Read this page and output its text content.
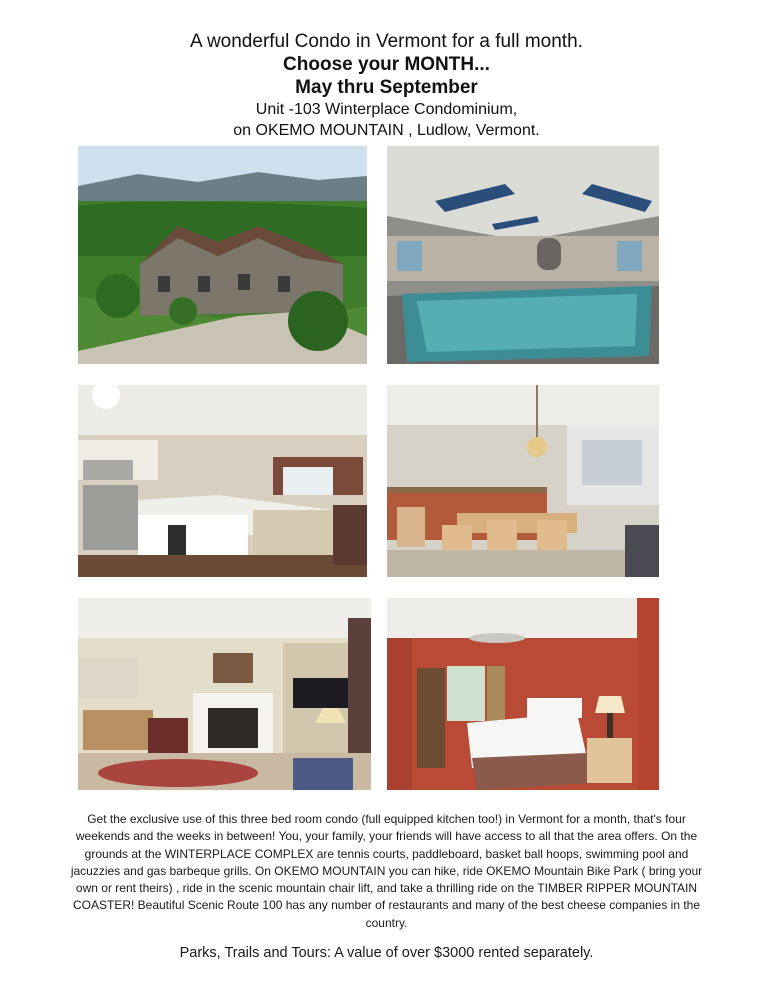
A wonderful Condo in Vermont for a full month.
Choose your MONTH...
May thru September
Unit -103 Winterplace Condominium,
on OKEMO MOUNTAIN , Ludlow, Vermont.
Get the exclusive use of this three bed room condo (full equipped kitchen too!) in Vermont for a month, that's four weekends and the weeks in between! You, your family, your friends will have access to all that the area offers. On the grounds at the WINTERPLACE COMPLEX are tennis courts, paddleboard, basket ball hoops, swimming pool and jacuzzies and gas barbeque grills. On OKEMO MOUNTAIN you can hike, ride OKEMO Mountain Bike Park ( bring your own or rent theirs) , ride in the scenic mountain chair lift, and take a thrilling ride on the TIMBER RIPPER MOUNTAIN COASTER! Beautiful Scenic Route 100 has any number of restaurants and many of the best cheese companies in the country.
Parks, Trails and Tours: A value of over $3000 rented separately.
